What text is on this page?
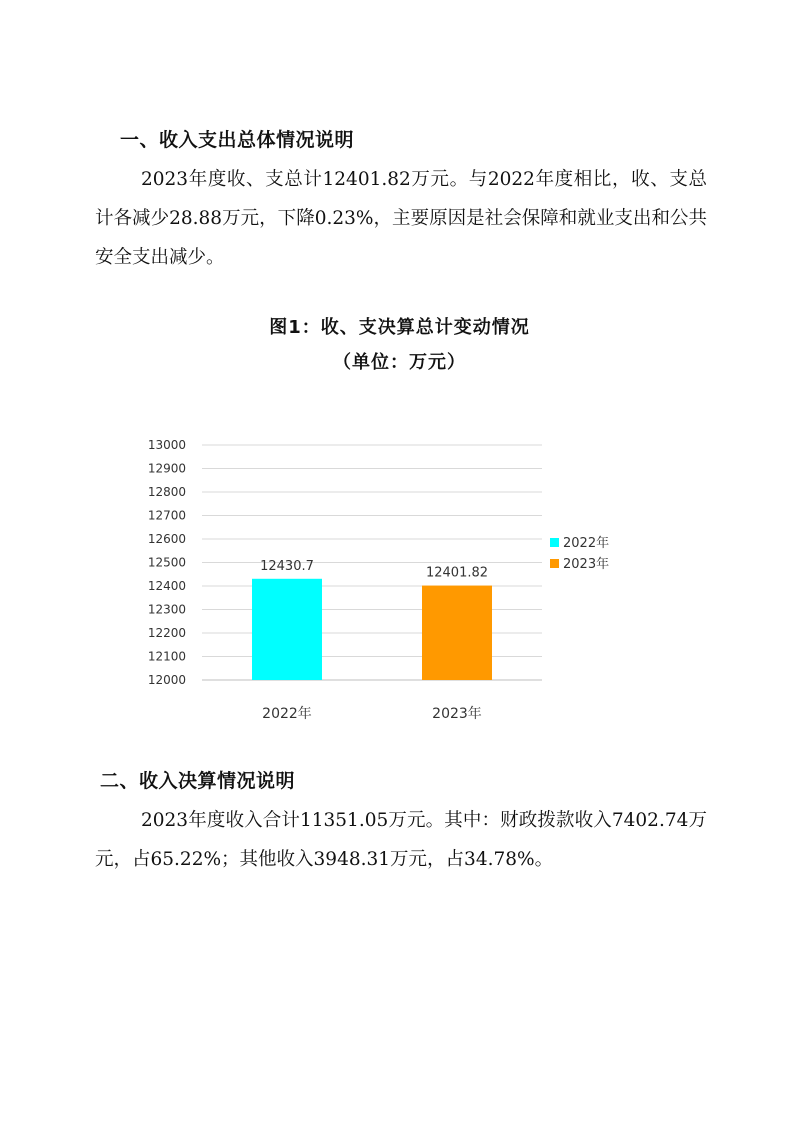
一、收入支出总体情况说明

2023年度收、支总计12401.82万元。与2022年度相比，收、支总计各减少28.88万元，下降0.23%，主要原因是社会保障和就业支出和公共安全支出减少。

图1：收、支决算总计变动情况
（单位：万元）
12000
12100
12200
12300
12400
12500
12600
12700
12800
12900
13000
12430.7
2022年
12401.82
2023年
2022年
2023年
二、收入决算情况说明

2023年度收入合计11351.05万元。其中：财政拨款收入7402.74万元，占65.22%；其他收入3948.31万元，占34.78%。
